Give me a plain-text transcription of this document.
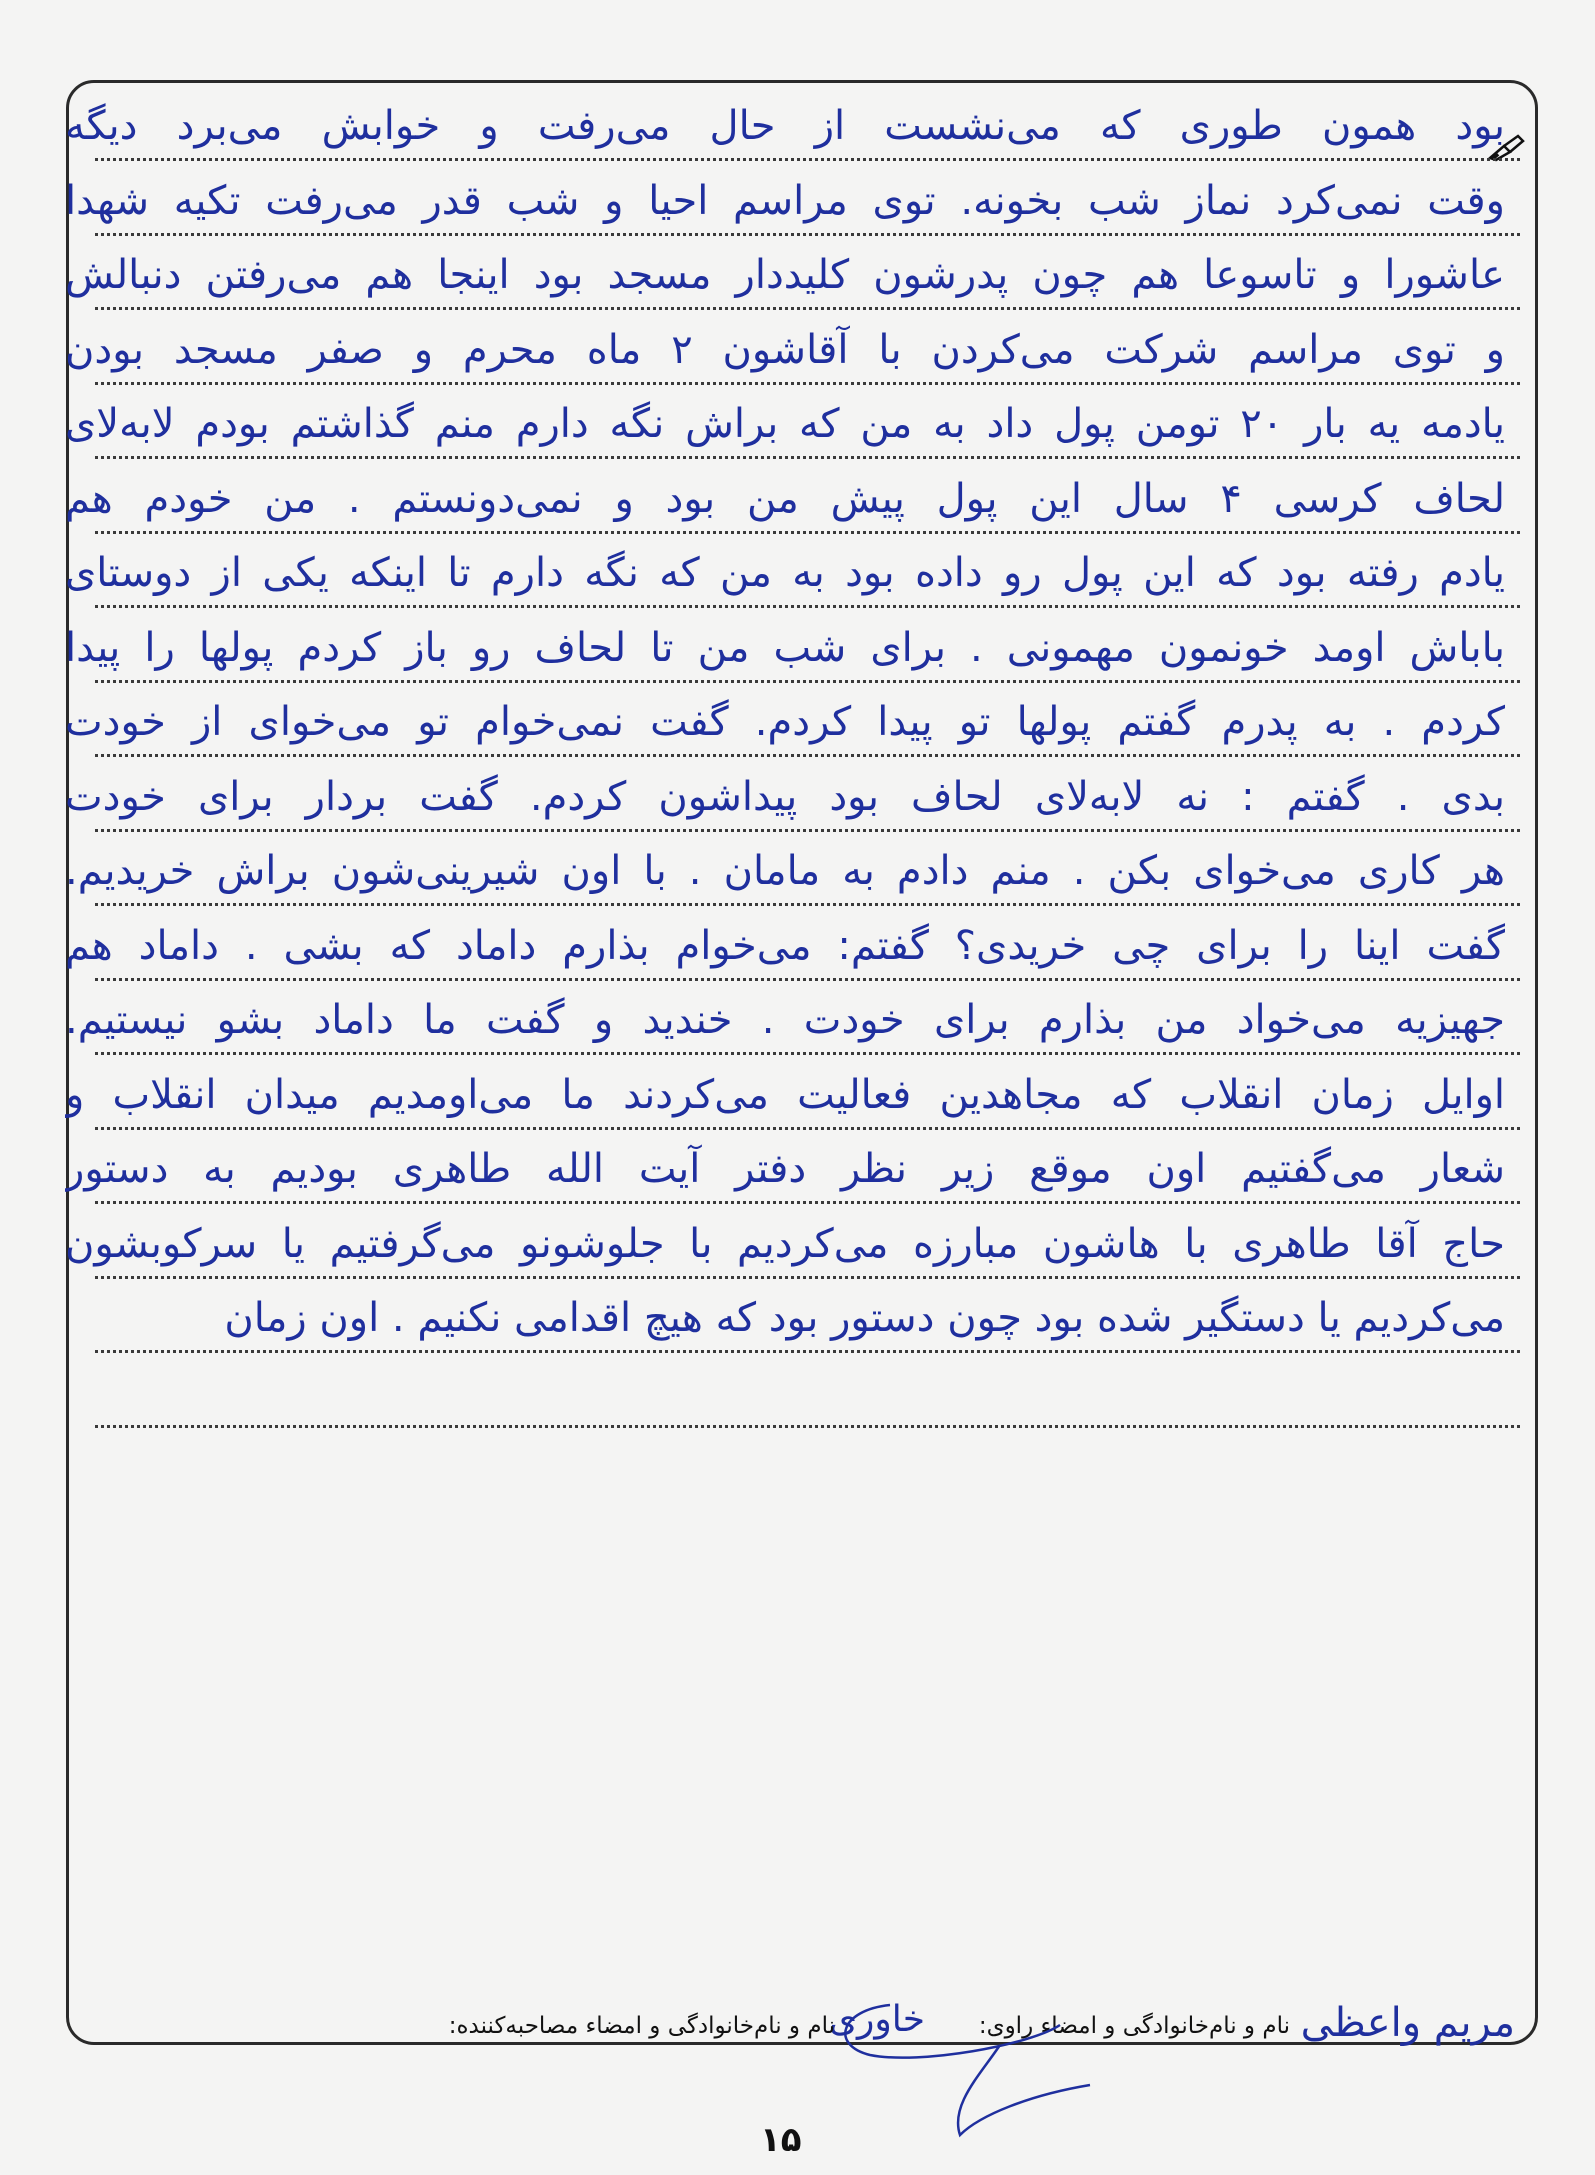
بود همون طوری که می‌نشست از حال می‌رفت و خوابش می‌برد دیگه
وقت نمی‌کرد نماز شب بخونه. توی مراسم احیا و شب قدر می‌رفت تکیه شهدا
عاشورا و تاسوعا هم چون پدرشون کلیددار مسجد بود اینجا هم می‌رفتن دنبالش
و توی مراسم شرکت می‌کردن با آقاشون ۲ ماه محرم و صفر مسجد بودن
یادمه یه بار ۲۰ تومن پول داد به من که براش نگه دارم منم گذاشتم بودم لابه‌لای
لحاف کرسی ۴ سال این پول پیش من بود و نمی‌دونستم . من خودم هم
یادم رفته بود که این پول رو داده بود به من که نگه دارم تا اینکه یکی از دوستای
باباش اومد خونمون مهمونی . برای شب من تا لحاف رو باز کردم پولها را پیدا
کردم . به پدرم گفتم پولها تو پیدا کردم. گفت نمی‌خوام تو می‌خوای از خودت
بدی . گفتم : نه لابه‌لای لحاف بود پیداشون کردم. گفت بردار برای خودت
هر کاری می‌خوای بکن . منم دادم به مامان . با اون شیرینی‌شون براش خریدیم.
گفت اینا را برای چی خریدی؟ گفتم: می‌خوام بذارم داماد که بشی . داماد هم
جهیزیه می‌خواد من بذارم برای خودت . خندید و گفت ما داماد بشو نیستیم.
اوایل زمان انقلاب که مجاهدین فعالیت می‌کردند ما می‌اومدیم میدان انقلاب و
شعار می‌گفتیم اون موقع زیر نظر دفتر آیت الله طاهری بودیم به دستور
حاج آقا طاهری با هاشون مبارزه می‌کردیم با جلوشونو می‌گرفتیم یا سرکوبشون
می‌کردیم یا دستگیر شده بود چون دستور بود که هیچ اقدامی نکنیم . اون زمان
مریم واعظی
نام و نام‌خانوادگی و امضاء راوی:
خاوری
نام و نام‌خانوادگی و امضاء مصاحبه‌کننده:
۱۵
